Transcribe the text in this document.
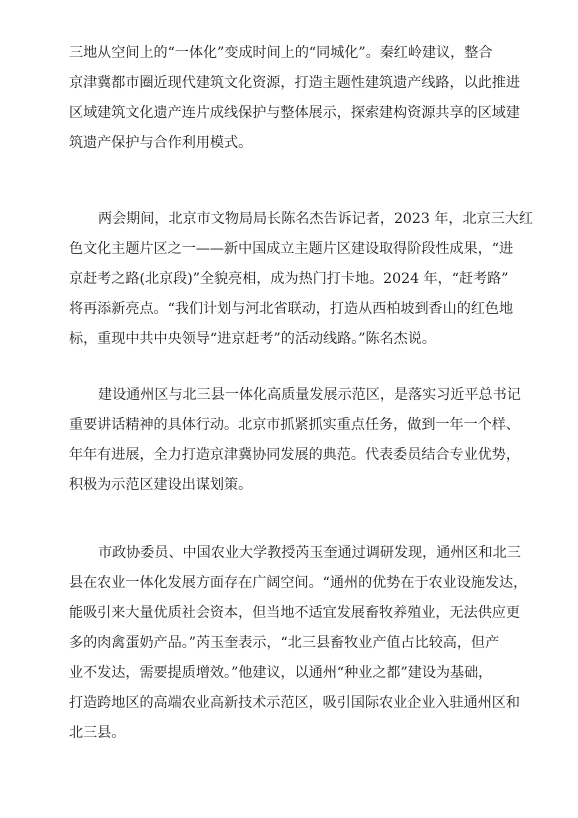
三地从空间上的“一体化”变成时间上的“同城化”。秦红岭建议，整合
京津冀都市圈近现代建筑文化资源，打造主题性建筑遗产线路，以此推进
区域建筑文化遗产连片成线保护与整体展示，探索建构资源共享的区域建
筑遗产保护与合作利用模式。

两会期间，北京市文物局局长陈名杰告诉记者，2023 年，北京三大红
色文化主题片区之一——新中国成立主题片区建设取得阶段性成果，“进
京赶考之路(北京段)”全貌亮相，成为热门打卡地。2024 年，“赶考路”
将再添新亮点。“我们计划与河北省联动，打造从西柏坡到香山的红色地
标，重现中共中央领导“进京赶考”的活动线路。”陈名杰说。

建设通州区与北三县一体化高质量发展示范区，是落实习近平总书记
重要讲话精神的具体行动。北京市抓紧抓实重点任务，做到一年一个样、
年年有进展，全力打造京津冀协同发展的典范。代表委员结合专业优势，
积极为示范区建设出谋划策。

市政协委员、中国农业大学教授芮玉奎通过调研发现，通州区和北三
县在农业一体化发展方面存在广阔空间。“通州的优势在于农业设施发达，
能吸引来大量优质社会资本，但当地不适宜发展畜牧养殖业，无法供应更
多的肉禽蛋奶产品。”芮玉奎表示，“北三县畜牧业产值占比较高，但产
业不发达，需要提质增效。”他建议，以通州“种业之都”建设为基础，
打造跨地区的高端农业高新技术示范区，吸引国际农业企业入驻通州区和
北三县。
